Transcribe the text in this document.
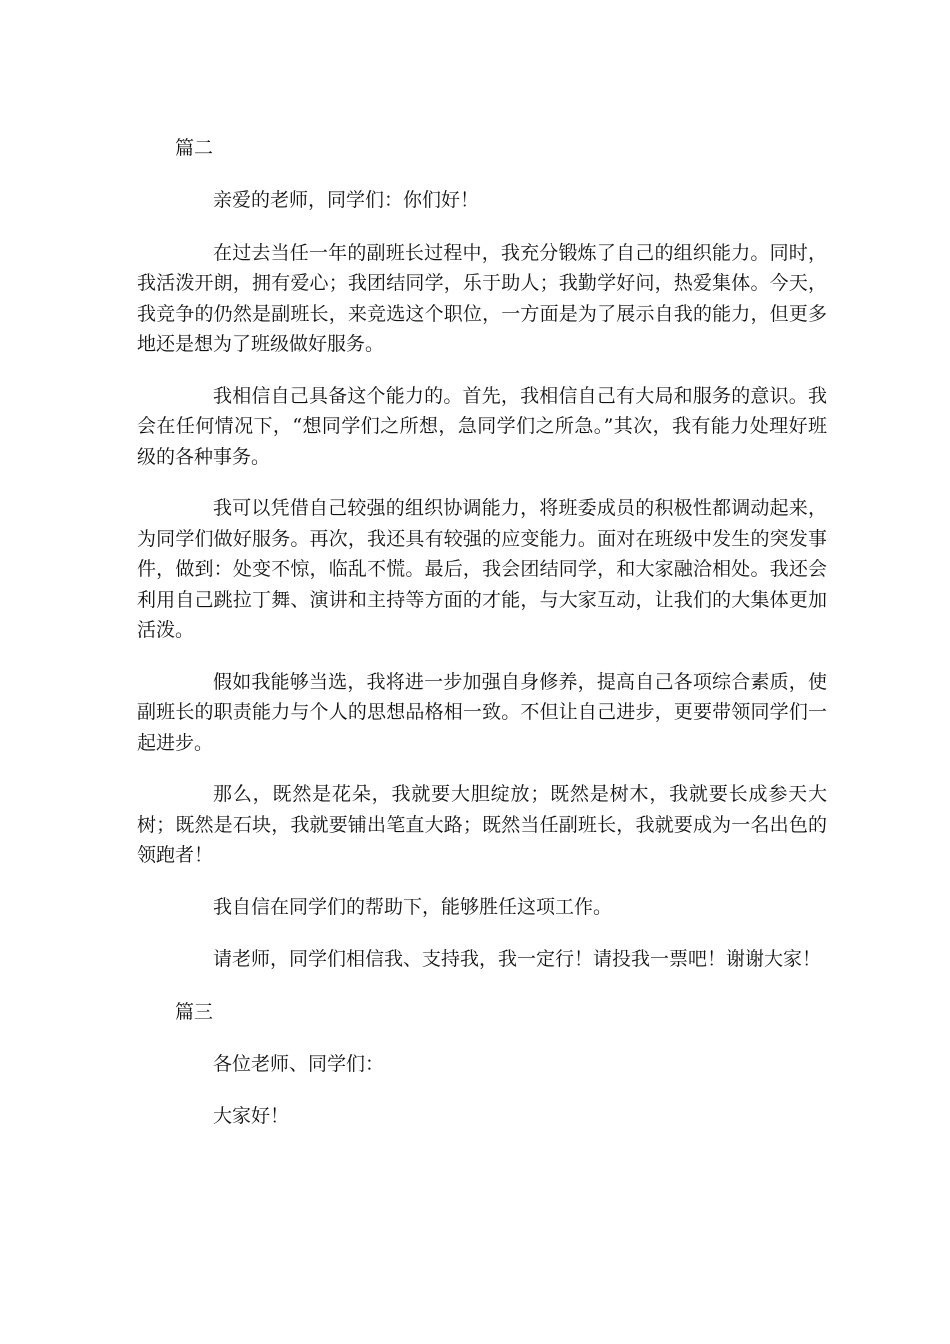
篇二

亲爱的老师，同学们：你们好！

在过去当任一年的副班长过程中，我充分锻炼了自己的组织能力。同时，我活泼开朗，拥有爱心；我团结同学，乐于助人；我勤学好问，热爱集体。今天，我竞争的仍然是副班长，来竞选这个职位，一方面是为了展示自我的能力，但更多地还是想为了班级做好服务。

我相信自己具备这个能力的。首先，我相信自己有大局和服务的意识。我会在任何情况下，“想同学们之所想，急同学们之所急。”其次，我有能力处理好班级的各种事务。

我可以凭借自己较强的组织协调能力，将班委成员的积极性都调动起来，为同学们做好服务。再次，我还具有较强的应变能力。面对在班级中发生的突发事件，做到：处变不惊，临乱不慌。最后，我会团结同学，和大家融洽相处。我还会利用自己跳拉丁舞、演讲和主持等方面的才能，与大家互动，让我们的大集体更加活泼。

假如我能够当选，我将进一步加强自身修养，提高自己各项综合素质，使副班长的职责能力与个人的思想品格相一致。不但让自己进步，更要带领同学们一起进步。

那么，既然是花朵，我就要大胆绽放；既然是树木，我就要长成参天大树；既然是石块，我就要铺出笔直大路；既然当任副班长，我就要成为一名出色的领跑者！

我自信在同学们的帮助下，能够胜任这项工作。

请老师，同学们相信我、支持我，我一定行！请投我一票吧！谢谢大家！

篇三

各位老师、同学们：

大家好！
